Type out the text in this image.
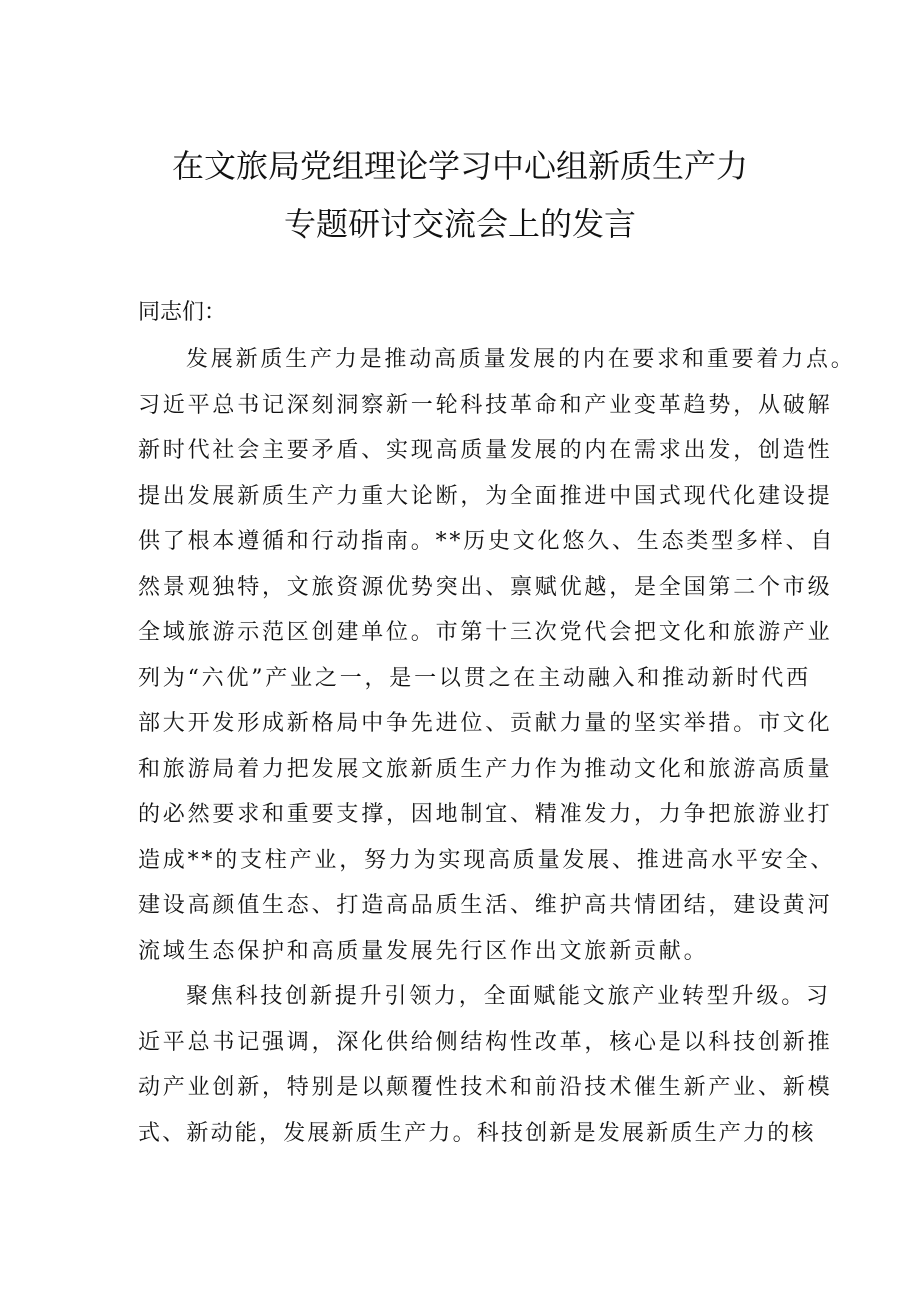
在文旅局党组理论学习中心组新质生产力
专题研讨交流会上的发言
同志们：
发展新质生产力是推动高质量发展的内在要求和重要着力点。
习近平总书记深刻洞察新一轮科技革命和产业变革趋势，从破解
新时代社会主要矛盾、实现高质量发展的内在需求出发，创造性
提出发展新质生产力重大论断，为全面推进中国式现代化建设提
供了根本遵循和行动指南。**历史文化悠久、生态类型多样、自
然景观独特，文旅资源优势突出、禀赋优越，是全国第二个市级
全域旅游示范区创建单位。市第十三次党代会把文化和旅游产业
列为“六优”产业之一，是一以贯之在主动融入和推动新时代西
部大开发形成新格局中争先进位、贡献力量的坚实举措。市文化
和旅游局着力把发展文旅新质生产力作为推动文化和旅游高质量
的必然要求和重要支撑，因地制宜、精准发力，力争把旅游业打
造成**的支柱产业，努力为实现高质量发展、推进高水平安全、
建设高颜值生态、打造高品质生活、维护高共情团结，建设黄河
流域生态保护和高质量发展先行区作出文旅新贡献。
聚焦科技创新提升引领力，全面赋能文旅产业转型升级。习
近平总书记强调，深化供给侧结构性改革，核心是以科技创新推
动产业创新，特别是以颠覆性技术和前沿技术催生新产业、新模
式、新动能，发展新质生产力。科技创新是发展新质生产力的核
